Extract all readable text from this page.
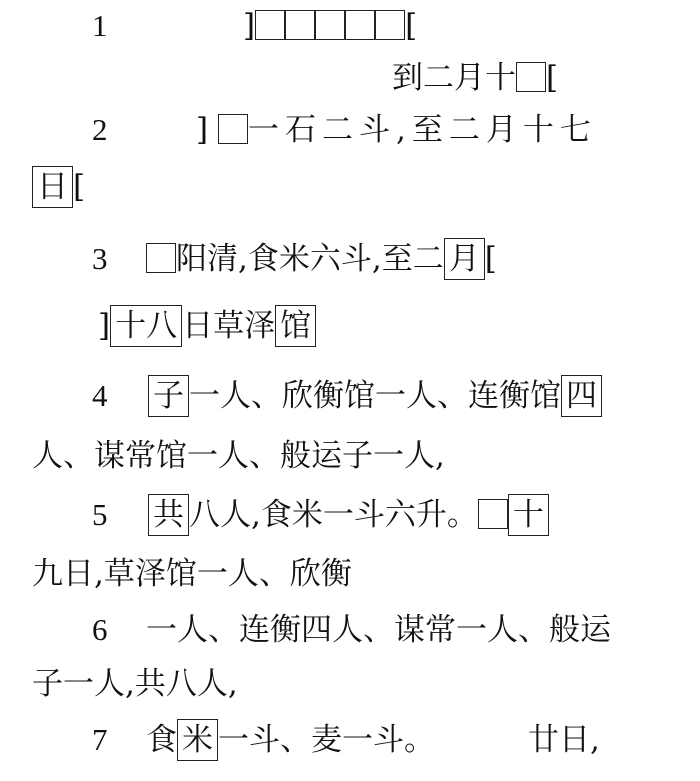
1	]	[
到二月十 [
2	] 一石二斗,至二月十七
日 [
3	阳清,食米六斗,至二 月 [
] 十八 日草泽 馆
4 子 一人、欣衡馆一人、连衡馆 四
人、谋常馆一人、般运子一人,
5 共 八人,食米一斗六升。 十
九日,草泽馆一人、欣衡
6 一人、连衡四人、谋常一人、般运
子一人,共八人,
7 食 米 一斗、麦一斗。	廿日,
